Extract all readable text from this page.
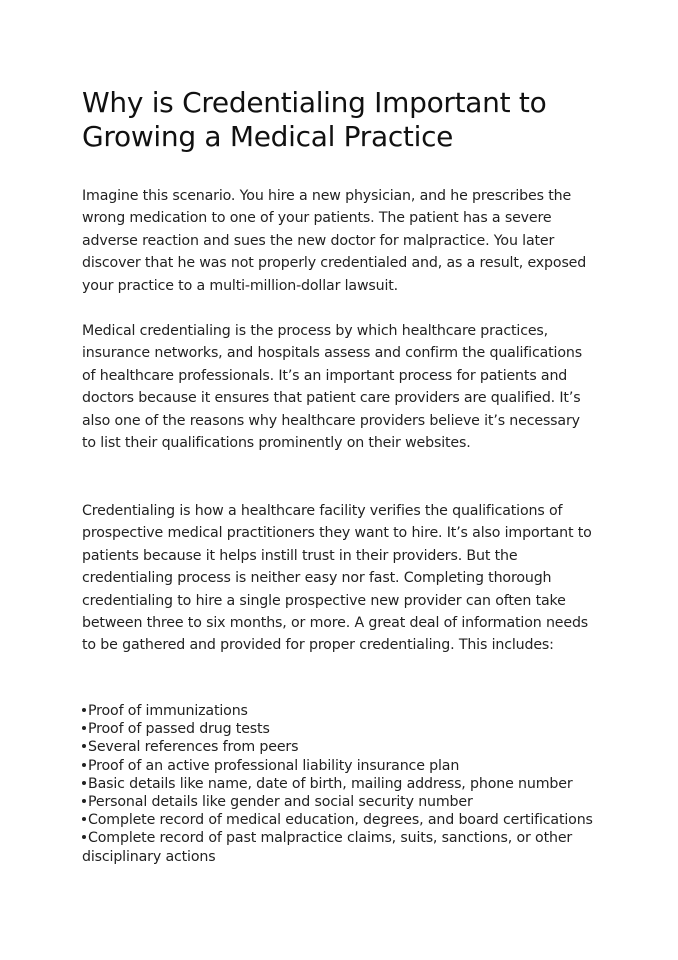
Why is Credentialing Important to Growing a Medical Practice

Imagine this scenario. You hire a new physician, and he prescribes the wrong medication to one of your patients. The patient has a severe adverse reaction and sues the new doctor for malpractice. You later discover that he was not properly credentialed and, as a result, exposed your practice to a multi-million-dollar lawsuit.

Medical credentialing is the process by which healthcare practices, insurance networks, and hospitals assess and confirm the qualifications of healthcare professionals. It’s an important process for patients and doctors because it ensures that patient care providers are qualified. It’s also one of the reasons why healthcare providers believe it’s necessary to list their qualifications prominently on their websites.

Credentialing is how a healthcare facility verifies the qualifications of prospective medical practitioners they want to hire. It’s also important to patients because it helps instill trust in their providers. But the credentialing process is neither easy nor fast. Completing thorough credentialing to hire a single prospective new provider can often take between three to six months, or more. A great deal of information needs to be gathered and provided for proper credentialing. This includes:

Proof of immunizations
Proof of passed drug tests
Several references from peers
Proof of an active professional liability insurance plan
Basic details like name, date of birth, mailing address, phone number
Personal details like gender and social security number
Complete record of medical education, degrees, and board certifications
Complete record of past malpractice claims, suits, sanctions, or other disciplinary actions
